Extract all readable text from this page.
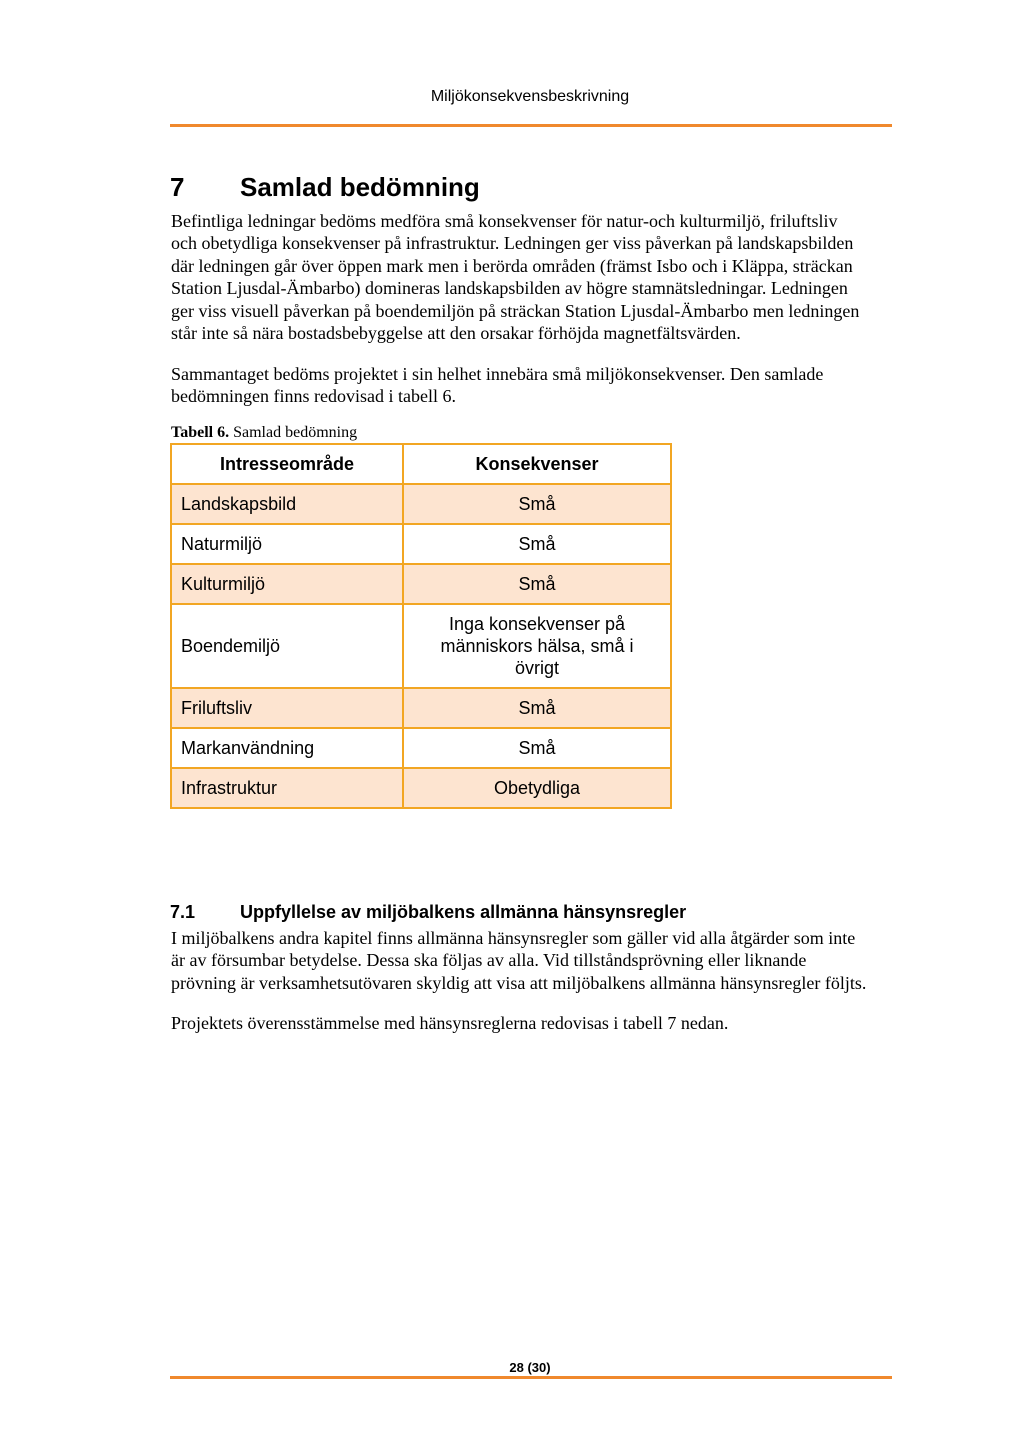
Miljökonsekvensbeskrivning
7 Samlad bedömning
Befintliga ledningar bedöms medföra små konsekvenser för natur-och kulturmiljö, friluftsliv
och obetydliga konsekvenser på infrastruktur. Ledningen ger viss påverkan på landskapsbilden
där ledningen går över öppen mark men i berörda områden (främst Isbo och i Kläppa, sträckan
Station Ljusdal-Ämbarbo) domineras landskapsbilden av högre stamnätsledningar. Ledningen
ger viss visuell påverkan på boendemiljön på sträckan Station Ljusdal-Ämbarbo men ledningen
står inte så nära bostadsbebyggelse att den orsakar förhöjda magnetfältsvärden.
Sammantaget bedöms projektet i sin helhet innebära små miljökonsekvenser. Den samlade
bedömningen finns redovisad i tabell 6.
Tabell 6. Samlad bedömning
Intresseområde	Konsekvenser
Landskapsbild	Små
Naturmiljö	Små
Kulturmiljö	Små
Boendemiljö	Inga konsekvenser på
människors hälsa, små i
övrigt

Friluftsliv	Små
Markanvändning	Små
Infrastruktur	Obetydliga
7.1 Uppfyllelse av miljöbalkens allmänna hänsynsregler
I miljöbalkens andra kapitel finns allmänna hänsynsregler som gäller vid alla åtgärder som inte
är av försumbar betydelse. Dessa ska följas av alla. Vid tillståndsprövning eller liknande
prövning är verksamhetsutövaren skyldig att visa att miljöbalkens allmänna hänsynsregler följts.
Projektets överensstämmelse med hänsynsreglerna redovisas i tabell 7 nedan.
28 (30)
